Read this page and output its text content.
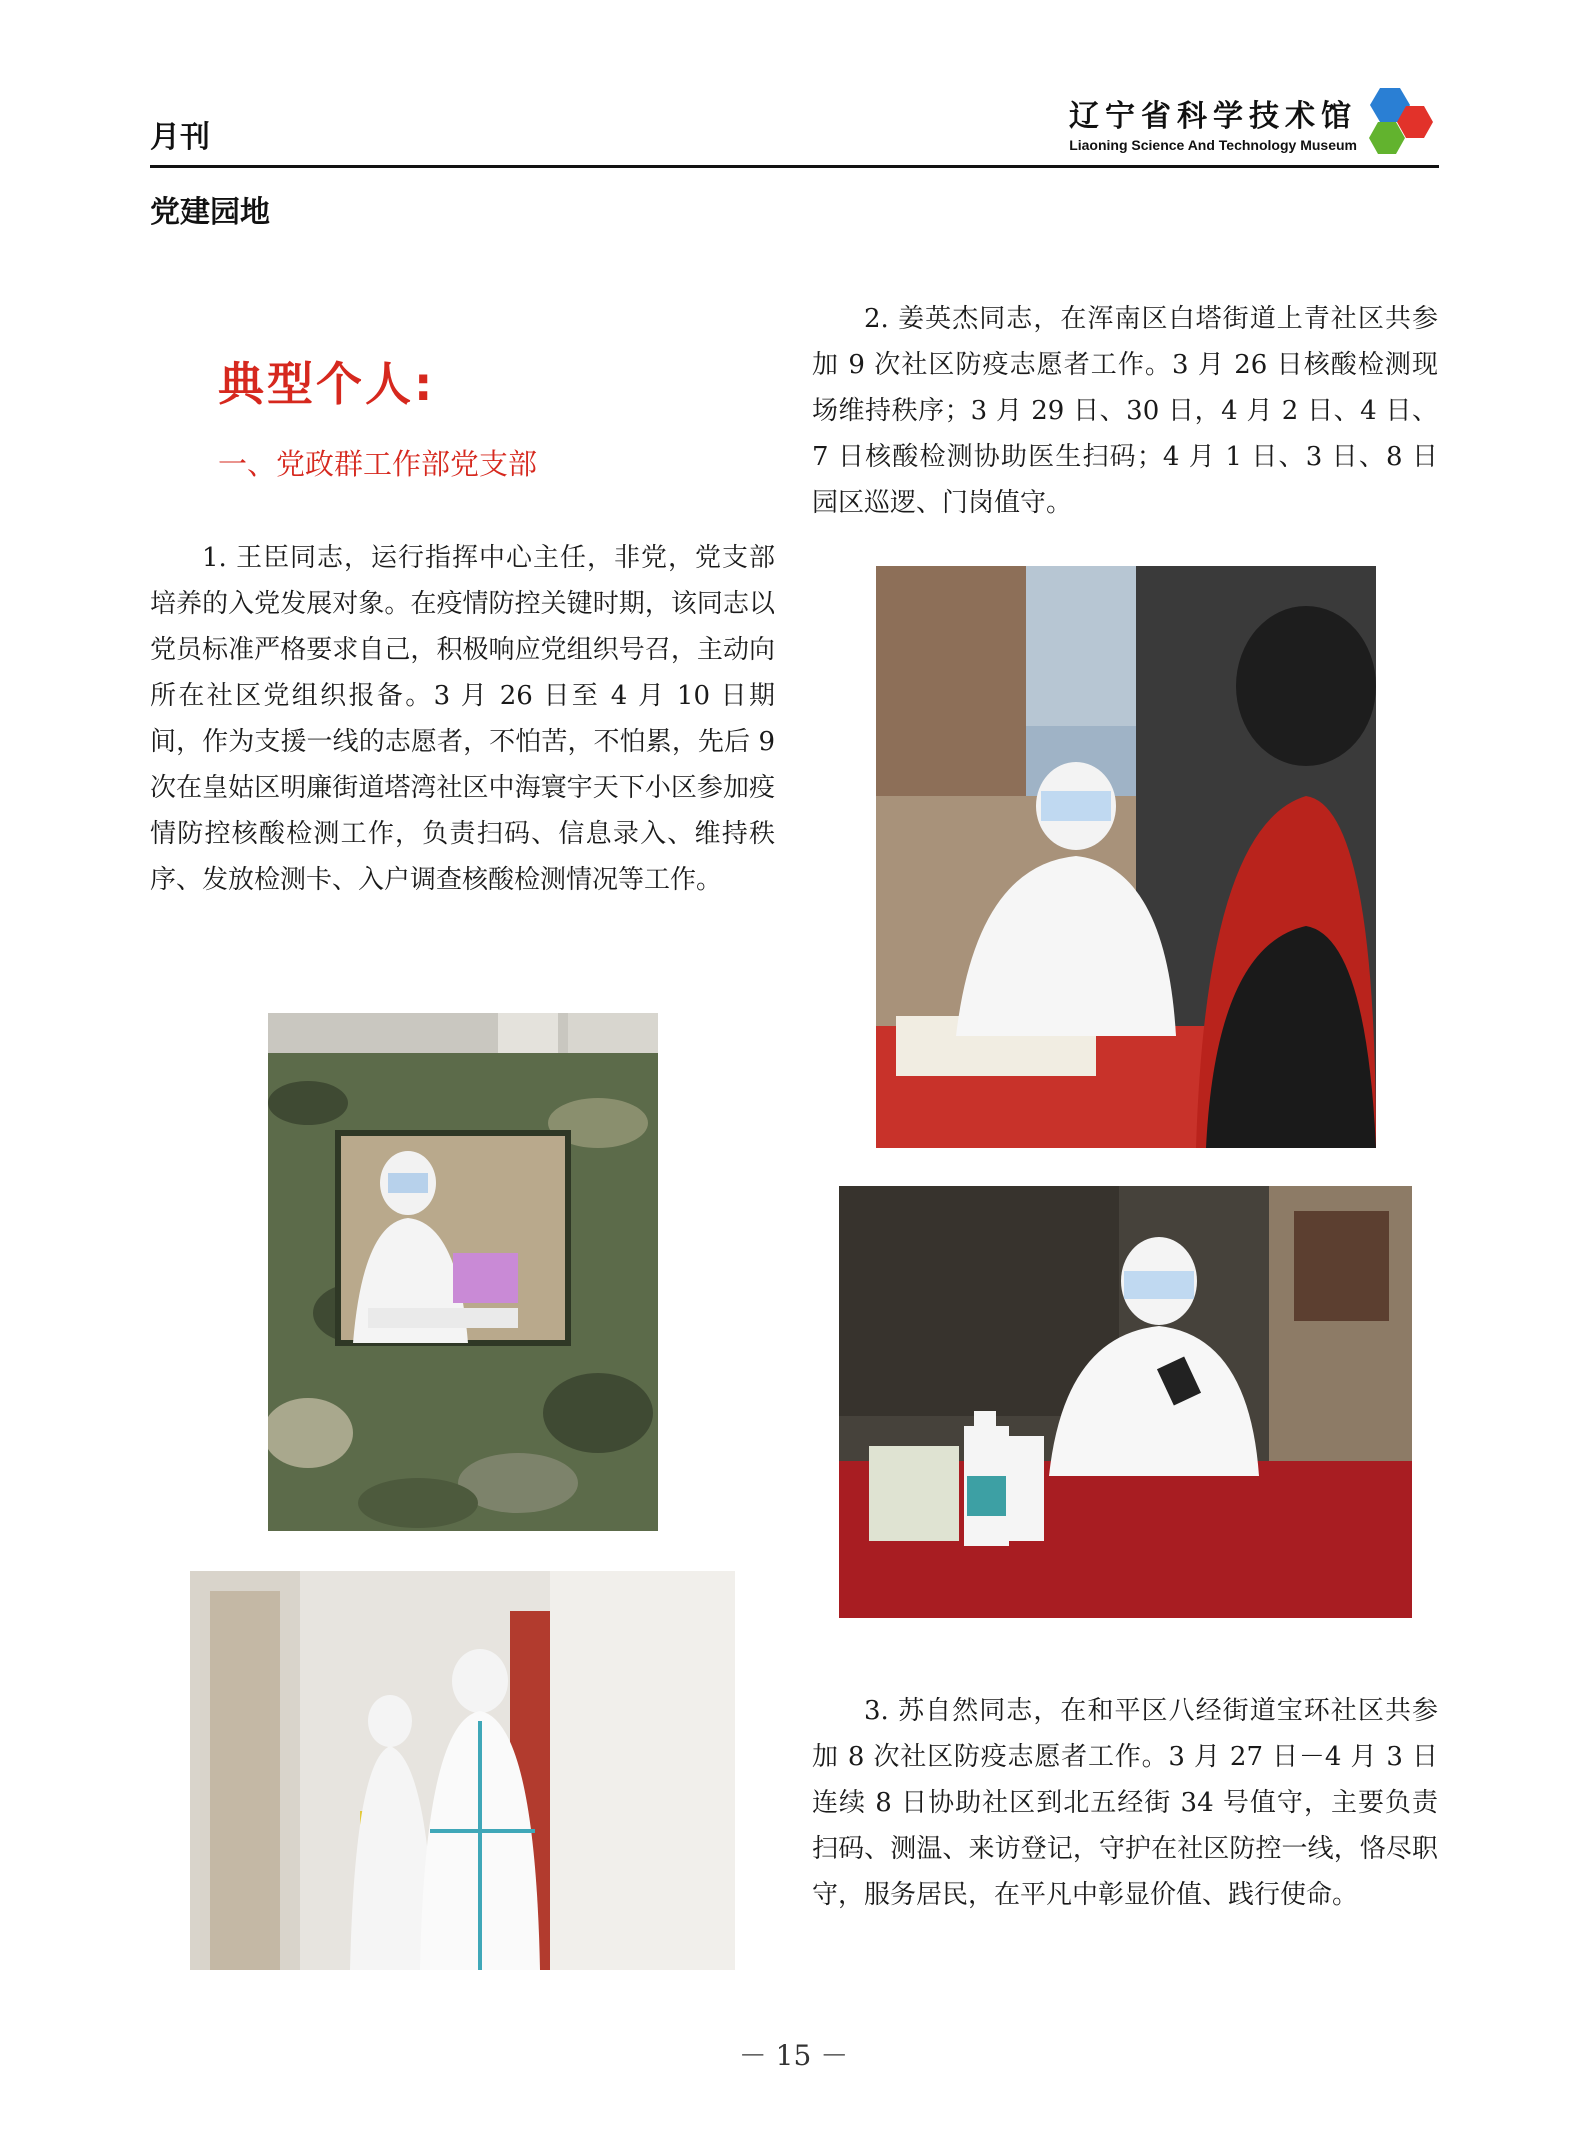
月刊

辽宁省科学技术馆
Liaoning Science And Technology Museum

党建园地

典型个人:
一、党政群工作部党支部

1. 王臣同志，运行指挥中心主任，非党，党支部培养的入党发展对象。在疫情防控关键时期，该同志以党员标准严格要求自己，积极响应党组织号召，主动向所在社区党组织报备。3 月 26 日至 4 月 10 日期间，作为支援一线的志愿者，不怕苦，不怕累，先后 9 次在皇姑区明廉街道塔湾社区中海寰宇天下小区参加疫情防控核酸检测工作，负责扫码、信息录入、维持秩序、发放检测卡、入户调查核酸检测情况等工作。

2. 姜英杰同志，在浑南区白塔街道上青社区共参加 9 次社区防疫志愿者工作。3 月 26 日核酸检测现场维持秩序；3 月 29 日、30 日，4 月 2 日、4 日、7 日核酸检测协助医生扫码；4 月 1 日、3 日、8 日园区巡逻、门岗值守。

3. 苏自然同志，在和平区八经街道宝环社区共参加 8 次社区防疫志愿者工作。3 月 27 日－4 月 3 日连续 8 日协助社区到北五经街 34 号值守，主要负责扫码、测温、来访登记，守护在社区防控一线，恪尽职守，服务居民，在平凡中彰显价值、践行使命。

－ 15 －
